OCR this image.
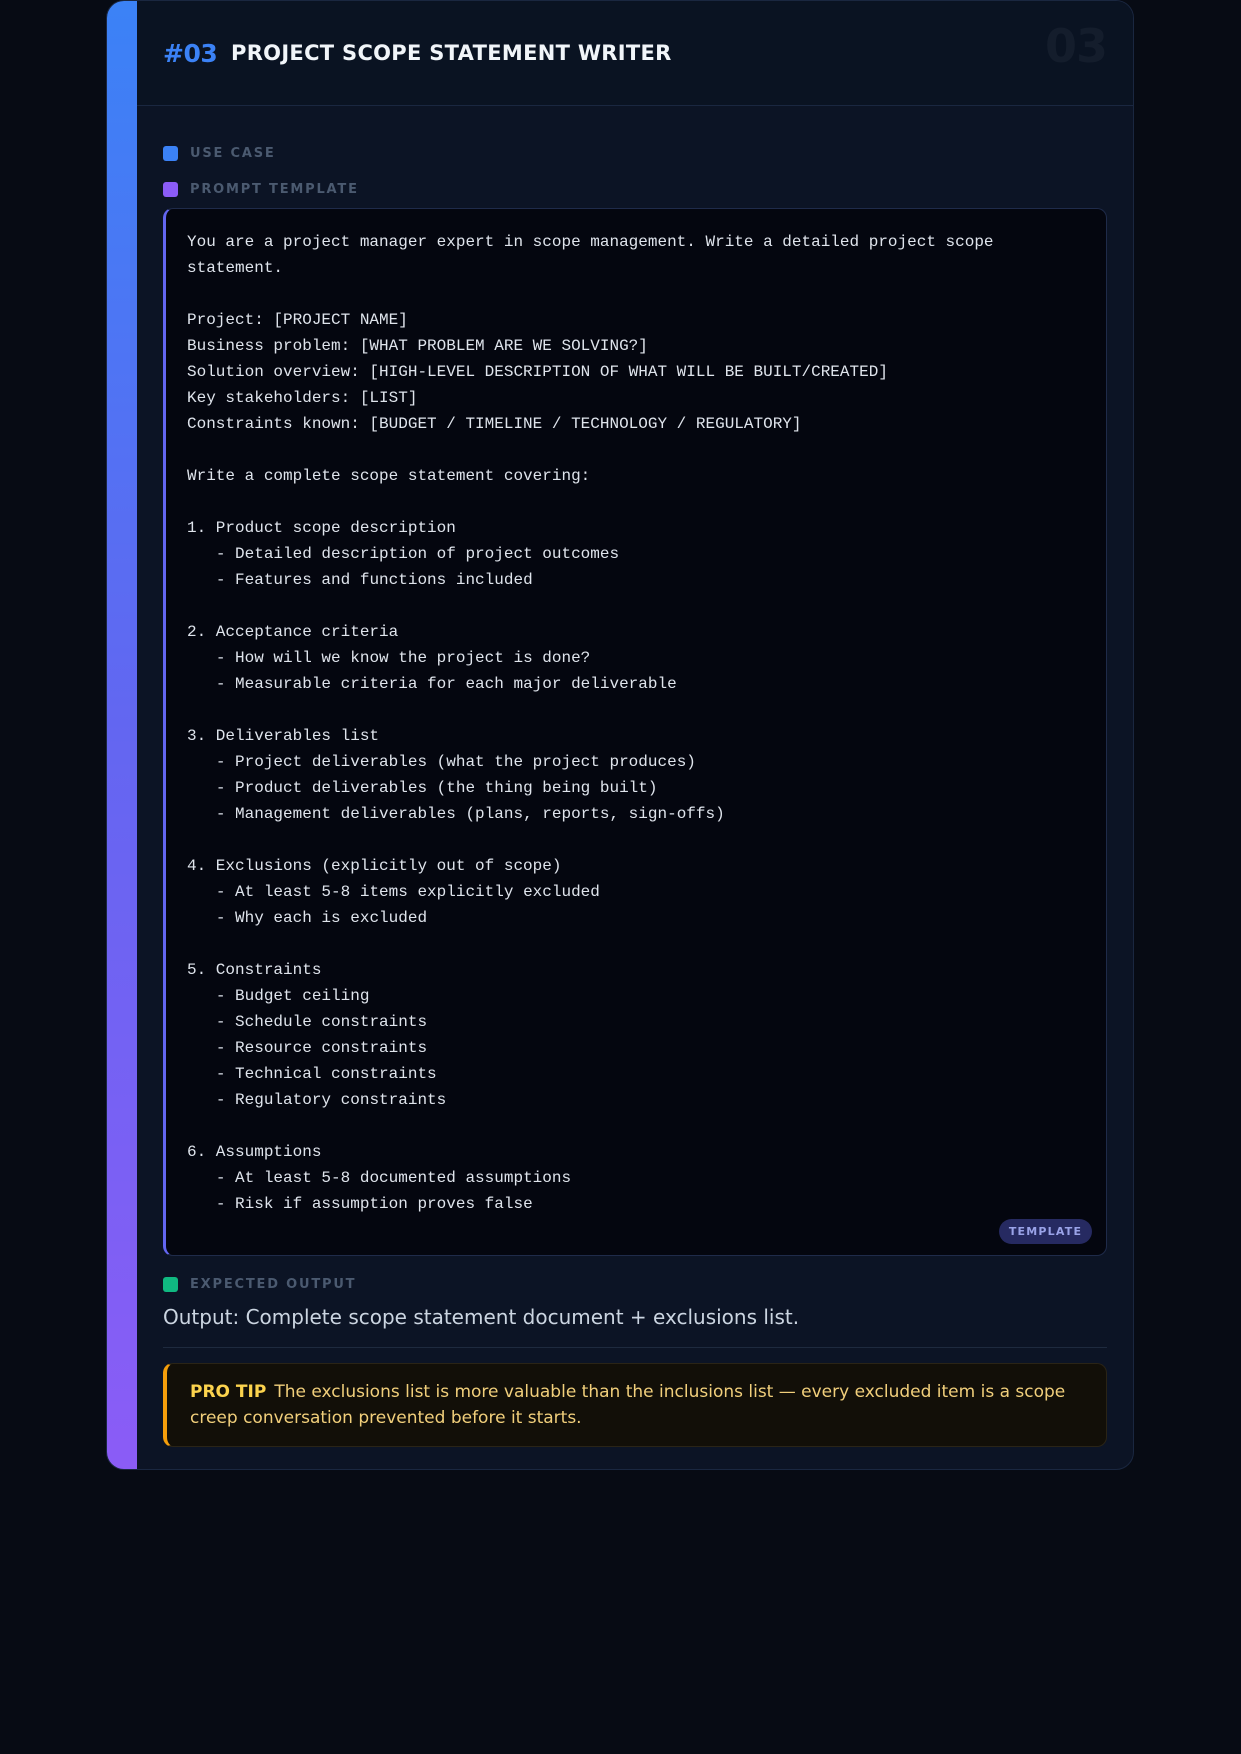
#03 PROJECT SCOPE STATEMENT WRITER	03
USE CASE
PROMPT TEMPLATE
You are a project manager expert in scope management. Write a detailed project scope
statement.

Project: [PROJECT NAME]
Business problem: [WHAT PROBLEM ARE WE SOLVING?]
Solution overview: [HIGH-LEVEL DESCRIPTION OF WHAT WILL BE BUILT/CREATED]
Key stakeholders: [LIST]
Constraints known: [BUDGET / TIMELINE / TECHNOLOGY / REGULATORY]

Write a complete scope statement covering:

1. Product scope description
- Detailed description of project outcomes
- Features and functions included

2. Acceptance criteria
- How will we know the project is done?
- Measurable criteria for each major deliverable

3. Deliverables list
- Project deliverables (what the project produces)
- Product deliverables (the thing being built)
- Management deliverables (plans, reports, sign-offs)

4. Exclusions (explicitly out of scope)
- At least 5-8 items explicitly excluded
- Why each is excluded

5. Constraints
- Budget ceiling
- Schedule constraints
- Resource constraints
- Technical constraints
- Regulatory constraints

6. Assumptions
- At least 5-8 documented assumptions
- Risk if assumption proves false
TEMPLATE
EXPECTED OUTPUT
Output: Complete scope statement document + exclusions list.
PRO TIP The exclusions list is more valuable than the inclusions list — every excluded item is a scope creep conversation prevented before it starts.
